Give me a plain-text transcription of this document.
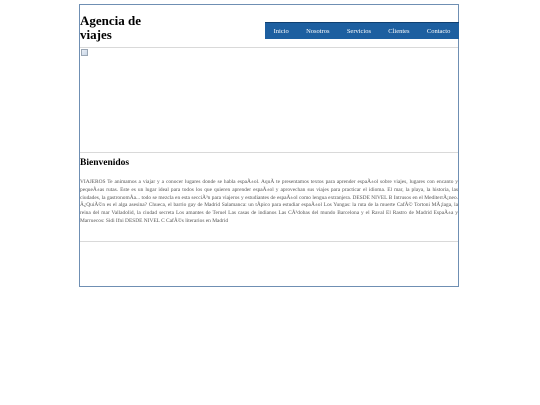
Agencia de viajes	Inicio	Nosotros	Servicios	Clientes	Contacto
Bienvenidos

VIAJEROS Te animamos a viajar y a conocer lugares donde se habla espaÃ±ol. AquÃ te presentamos textos para aprender espaÃ±ol sobre viajes, lugares con encanto y pequeÃ±as rutas. Este es un lugar ideal para todos los que quieren aprender espaÃ±ol y aprovechan sus viajes para practicar el idioma. El mar, la playa, la historia, las ciudades, la gastronomÃa... todo se mezcla en esta secciÃ³n para viajeros y estudiantes de espaÃ±ol como lengua extranjera. DESDE NIVEL B Intrusos en el MediterrÃ¡neo. Â¿QuiÃ©n es el alga asesina? Chueca, el barrio gay de Madrid Salamanca: un tÃpico para estudiar espaÃ±ol Los Yungas: la ruta de la muerte CafÃ© Tortoni MÃ¡laga, la reina del mar Valladolid, la ciudad secreta Los amantes de Teruel Las casas de indianos Las CÃ³dobas del mundo Barcelona y el Raval El Rastro de Madrid EspaÃ±a y Marruecos: Sidi Ifni DESDE NIVEL C CafÃ©s literarios en Madrid
